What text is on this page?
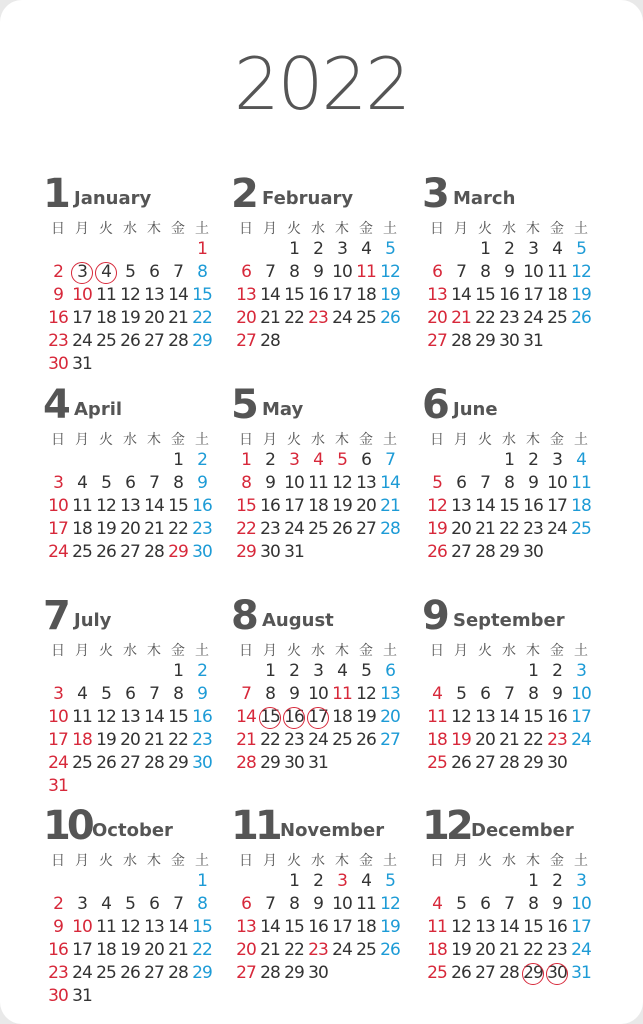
2022
1 January
日 月 火 水 木 金 土
1
2 3 4 5 6 7 8
9 10 11 12 13 14 15
16 17 18 19 20 21 22
23 24 25 26 27 28 29
30 31
2 February
日 月 火 水 木 金 土
1 2 3 4 5
6 7 8 9 10 11 12
13 14 15 16 17 18 19
20 21 22 23 24 25 26
27 28
3 March
日 月 火 水 木 金 土
1 2 3 4 5
6 7 8 9 10 11 12
13 14 15 16 17 18 19
20 21 22 23 24 25 26
27 28 29 30 31
4 April
日 月 火 水 木 金 土
1 2
3 4 5 6 7 8 9
10 11 12 13 14 15 16
17 18 19 20 21 22 23
24 25 26 27 28 29 30
5 May
日 月 火 水 木 金 土
1 2 3 4 5 6 7
8 9 10 11 12 13 14
15 16 17 18 19 20 21
22 23 24 25 26 27 28
29 30 31
6 June
日 月 火 水 木 金 土
1 2 3 4
5 6 7 8 9 10 11
12 13 14 15 16 17 18
19 20 21 22 23 24 25
26 27 28 29 30
7 July
日 月 火 水 木 金 土
1 2
3 4 5 6 7 8 9
10 11 12 13 14 15 16
17 18 19 20 21 22 23
24 25 26 27 28 29 30
31
8 August
日 月 火 水 木 金 土
1 2 3 4 5 6
7 8 9 10 11 12 13
14 15 16 17 18 19 20
21 22 23 24 25 26 27
28 29 30 31
9 September
日 月 火 水 木 金 土
1 2 3
4 5 6 7 8 9 10
11 12 13 14 15 16 17
18 19 20 21 22 23 24
25 26 27 28 29 30
10 October
日 月 火 水 木 金 土
1
2 3 4 5 6 7 8
9 10 11 12 13 14 15
16 17 18 19 20 21 22
23 24 25 26 27 28 29
30 31
11 November
日 月 火 水 木 金 土
1 2 3 4 5
6 7 8 9 10 11 12
13 14 15 16 17 18 19
20 21 22 23 24 25 26
27 28 29 30
12 December
日 月 火 水 木 金 土
1 2 3
4 5 6 7 8 9 10
11 12 13 14 15 16 17
18 19 20 21 22 23 24
25 26 27 28 29 30 31
